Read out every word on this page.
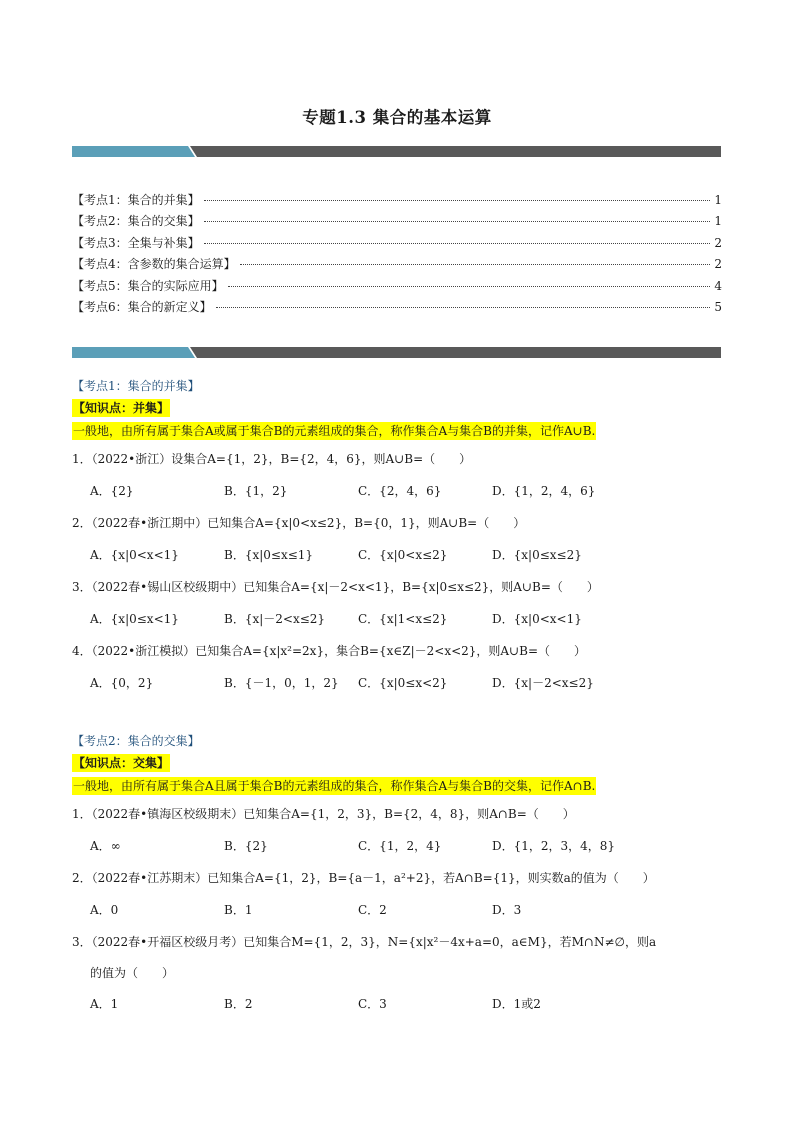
专题1.3 集合的基本运算
【考点1：集合的并集】	1
【考点2：集合的交集】	1
【考点3：全集与补集】	2
【考点4：含参数的集合运算】	2
【考点5：集合的实际应用】	4
【考点6：集合的新定义】	5
【考点1：集合的并集】
【知识点：并集】
一般地，由所有属于集合A或属于集合B的元素组成的集合，称作集合A与集合B的并集，记作A∪B.
1．（2022•浙江）设集合A={1，2}，B={2，4，6}，则A∪B=（　　）
A．{2}	B．{1，2}	C．{2，4，6}	D．{1，2，4，6}
2．（2022春•浙江期中）已知集合A={x|0<x≤2}，B={0，1}，则A∪B=（　　）
A．{x|0<x<1}	B．{x|0≤x≤1}	C．{x|0<x≤2}	D．{x|0≤x≤2}
3．（2022春•锡山区校级期中）已知集合A={x|－2<x<1}，B={x|0≤x≤2}，则A∪B=（　　）
A．{x|0≤x<1}	B．{x|－2<x≤2}	C．{x|1<x≤2}	D．{x|0<x<1}
4．（2022•浙江模拟）已知集合A={x|x²=2x}，集合B={x∈Z|－2<x<2}，则A∪B=（　　）
A．{0，2}	B．{－1，0，1，2}	C．{x|0≤x<2}	D．{x|－2<x≤2}
【考点2：集合的交集】
【知识点：交集】
一般地，由所有属于集合A且属于集合B的元素组成的集合，称作集合A与集合B的交集，记作A∩B.
1．（2022春•镇海区校级期末）已知集合A={1，2，3}，B={2，4，8}，则A∩B=（　　）
A．∞	B．{2}	C．{1，2，4}	D．{1，2，3，4，8}
2．（2022春•江苏期末）已知集合A={1，2}，B={a－1，a²+2}，若A∩B={1}，则实数a的值为（　　）
A．0	B．1	C．2	D．3
3．（2022春•开福区校级月考）已知集合M={1，2，3}，N={x|x²－4x+a=0，a∈M}，若M∩N≠∅，则a
的值为（　　）
A．1	B．2	C．3	D．1或2
